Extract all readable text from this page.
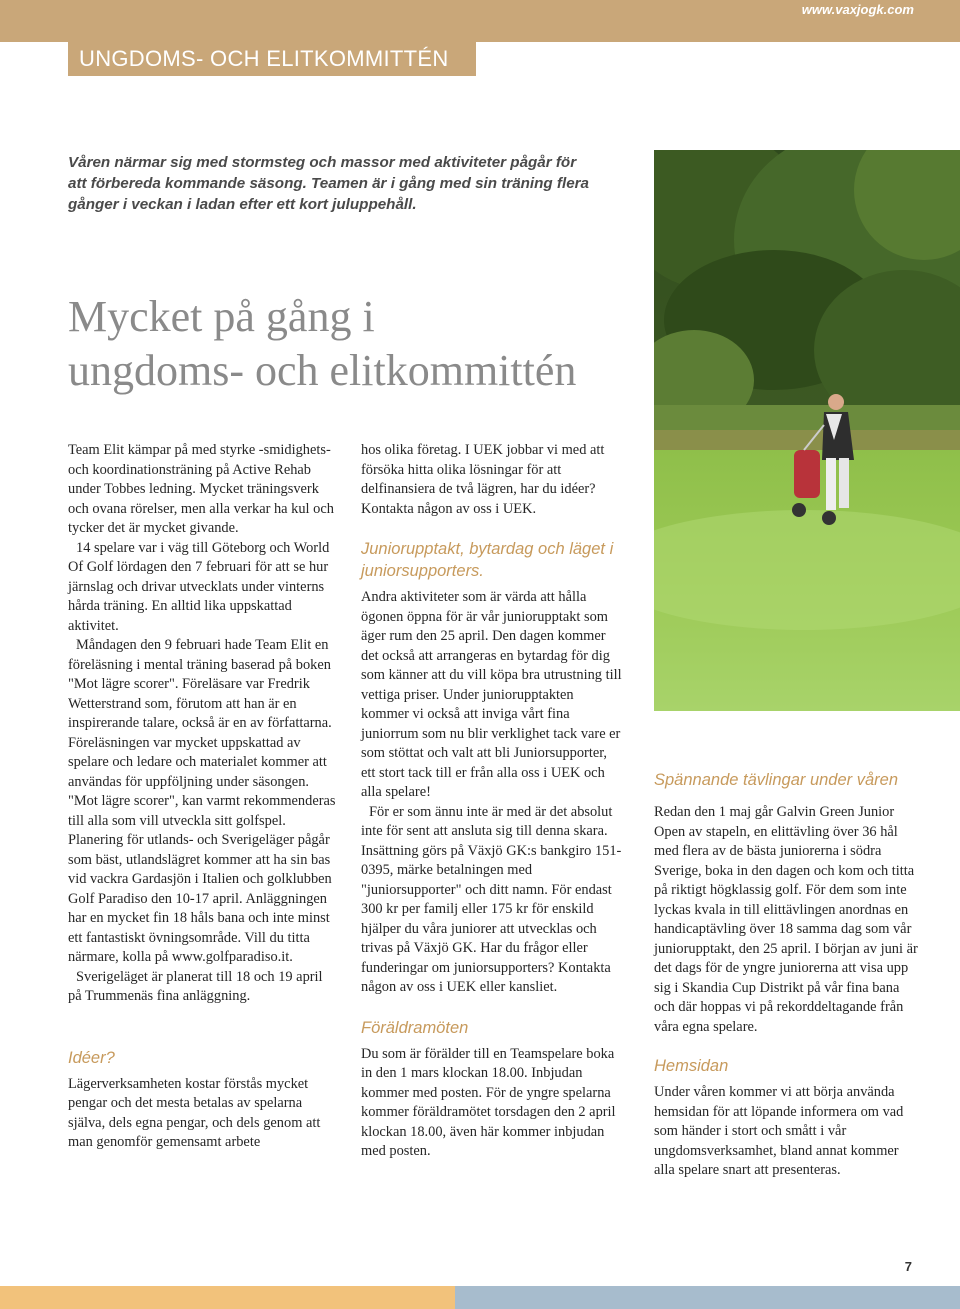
www.vaxjogk.com
UNGDOMS- OCH ELITKOMMITTÉN
Våren närmar sig med stormsteg och massor med aktiviteter pågår för att förbereda kommande säsong. Teamen är i gång med sin träning flera gånger i veckan i ladan efter ett kort juluppehåll.
Mycket på gång i
ungdoms- och elitkommittén

Team Elit kämpar på med styrke -smidighets- och koordinationsträning på Active Rehab under Tobbes ledning. Mycket träningsverk och ovana rörelser, men alla verkar ha kul och tycker det är mycket givande.

14 spelare var i väg till Göteborg och World Of Golf lördagen den 7 februari för att se hur järnslag och drivar utvecklats under vinterns hårda träning. En alltid lika uppskattad aktivitet.

Måndagen den 9 februari hade Team Elit en föreläsning i mental träning baserad på boken "Mot lägre scorer". Föreläsare var Fredrik Wetterstrand som, förutom att han är en inspirerande talare, också är en av författarna. Föreläsningen var mycket uppskattad av spelare och ledare och materialet kommer att användas för uppföljning under säsongen. "Mot lägre scorer", kan varmt rekommenderas till alla som vill utveckla sitt golfspel.

Planering för utlands- och Sverigeläger pågår som bäst, utlandslägret kommer att ha sin bas vid vackra Gardasjön i Italien och golklubben Golf Paradiso den 10-17 april. Anläggningen har en mycket fin 18 håls bana och inte minst ett fantastiskt övningsområde. Vill du titta närmare, kolla på www.golfparadiso.it.

Sverigeläget är planerat till 18 och 19 april på Trummenäs fina anläggning.

Idéer?

Lägerverksamheten kostar förstås mycket pengar och det mesta betalas av spelarna själva, dels egna pengar, och dels genom att man genomför gemensamt arbete

hos olika företag. I UEK jobbar vi med att försöka hitta olika lösningar för att delfinansiera de två lägren, har du idéer? Kontakta någon av oss i UEK.

Juniorupptakt, bytardag och läget i juniorsupporters.

Andra aktiviteter som är värda att hålla ögonen öppna för är vår juniorupptakt som äger rum den 25 april. Den dagen kommer det också att arrangeras en bytardag för dig som känner att du vill köpa bra utrustning till vettiga priser. Under juniorupptakten kommer vi också att inviga vårt fina juniorrum som nu blir verklighet tack vare er som stöttat och valt att bli Juniorsupporter, ett stort tack till er från alla oss i UEK och alla spelare!

För er som ännu inte är med är det absolut inte för sent att ansluta sig till denna skara. Insättning görs på Växjö GK:s bankgiro 151-0395, märke betalningen med "juniorsupporter" och ditt namn. För endast 300 kr per familj eller 175 kr för enskild hjälper du våra juniorer att utvecklas och trivas på Växjö GK. Har du frågor eller funderingar om juniorsupporters? Kontakta någon av oss i UEK eller kansliet.

Föräldramöten

Du som är förälder till en Teamspelare boka in den 1 mars klockan 18.00. Inbjudan kommer med posten. För de yngre spelarna kommer föräldramötet torsdagen den 2 april klockan 18.00, även här kommer inbjudan med posten.

Spännande tävlingar under våren

Redan den 1 maj går Galvin Green Junior Open av stapeln, en elittävling över 36 hål med flera av de bästa juniorerna i södra Sverige, boka in den dagen och kom och titta på riktigt högklassig golf. För dem som inte lyckas kvala in till elittävlingen anordnas en handicaptävling över 18 samma dag som vår juniorupptakt, den 25 april. I början av juni är det dags för de yngre juniorerna att visa upp sig i Skandia Cup Distrikt på vår fina bana och där hoppas vi på rekorddeltagande från våra egna spelare.

Hemsidan

Under våren kommer vi att börja använda hemsidan för att löpande informera om vad som händer i stort och smått i vår ungdomsverksamhet, bland annat kommer alla spelare snart att presenteras.

7
